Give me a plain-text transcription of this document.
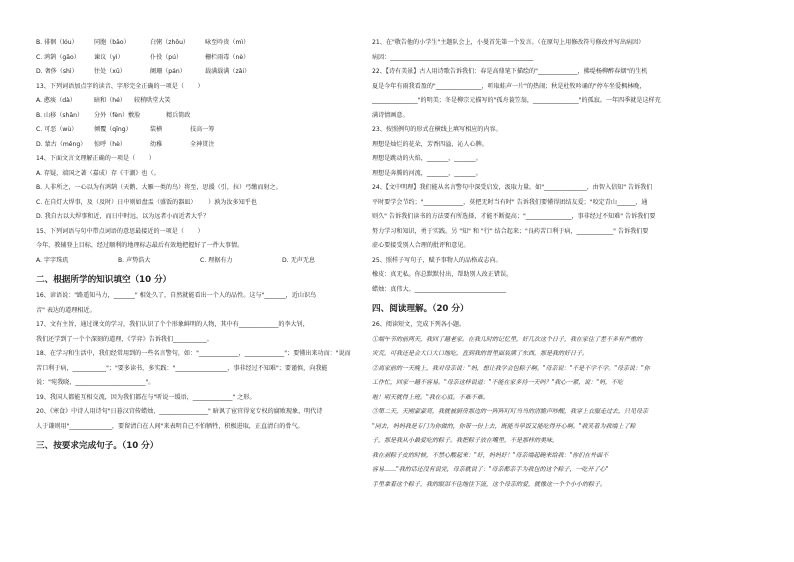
B. 徘徊（lóu）	同胞（bāo）	白粥（zhōu）	咏至吟贵（mì）
C. 鸿鹄（gāo）	谏议（yì）	仆役（pú）	栅栏雨毒（nè）
D. 奢侈（shì）	往处（xū）	阑珊（pán）	载满载满（zǎi）

13、下列词语加点字的读音、字形完全正确的一项是（       ）

A. 憨痰（dà）	暗和（hé）	较稍哄堂大笑
B. 山移（shān）	分外（fèn）敷脸	精兵简政
C. 可恶（wù）	倾覆（qīng）	装横	技高一筹
D. 蒙古（měng）	惊呼（hè）	幼稚	全神贯注

14、下面文言文理解正确的一项是（       ）

A. 存疑，端国之著（嘉成）存《干潮》也（。

B. 人非所之，一心以为有鸿鹄（天鹅、大雁一类的鸟）将至，思援（引，拉）弓缴而射之。

C. 在自灯大焊事，及（及时）日中则如盘盂（盛饭的器皿）      ）孰为汝多知乎也

D. 我自古以大焊事和近，而日中时远，以为远者小而近者大乎？

15、下列词语与句中带点词语的意思最接近的一项是（       ）

今年，教辅登上目标，经过顺利的地理标志最后有效地把握好了一件大事情。

A. 字字珠玑	B. 声势浩大	C. 理据有力	D. 无声无息

二、根据所学的知识填空（10 分）

16、谚语说："路遥知马力，_______" 相处久了，自然就能看出一个人的品性。这与"_______，近山识鸟

音" 表达的道理相近。

17、文有主旨，通过课文的学习，我们认识了个个形象鲜明的人物，其中有_____________的李大钊，

我们还学到了一个个深刻的道理，《学弈》告诉我们___________。

18、在学习和生活中，我们经常用到的一些名言警句，如："_____________，_____________"；要懂出来功而："说而

苦口利于病，___________"；"要多读书，多实践："_________________，事非经过不知难"；要谨慎，向我能

说："宛我晓，_______________________"。

19、我国人都能互相交流，因为我们都在与"听说一缓语，_____________" 之形。

20、《寒食》中诗人用诗句"日暮汉宫传蜡烛，________________" 暗讽了宦官得宠专权的腐败现象，明代诗

人于谦则用"______________，要留清白在人间"来表明自己不怕牺牲，积极进取，正直清白的骨气。

三、按要求完成句子。（10 分）

21、在"敬告他的小学生"主题队会上，小曼首先第一个发言。（在原句上用修改符号修改并写出病因）

病因：_______________________________________________

22、【诗有美景】古人用诗歌告诉我们：春是高鼎笔下描绘的"_____________，拂堤杨柳醉春烟"的生机

夏是今年有雨我看盈的"_______________，听取蛙声一片"的热闹；秋是杜牧吟诵的"停车坐爱枫林晚，

_______________"的明美；冬是柳宗元描写的"孤舟蓑笠翁，_______________"的孤寂。一年四季就是这样充

满诗情画意。

23、按照例句的形式在横线上填写相应的内容。

理想是灿烂的花朵，芳香四溢，沁人心脾。

理想是跳动的火焰，_______，_______。

理想是奔腾的河流，_______，_______。

24、【文中明理】我们能从名言警句中深受启发，汲取力量。如"______________，由智入信知" 告诉我们

平时要学会节约；"_____________，莫把无时当有时" 告诉我们要懂得团结友爱；"咬定青山______，通

则久" 告诉我们读书的方法要有所选择，才能不断提高；"_______________，事非经过不知难" 告诉我们要

努力学习和知识，勇于实践。另 "知" 和 "行" 结合起来；"良药苦口利于病，____________" 告诉我们要

虚心要接受别人合理的批评和意见。

25、照样子写句子，赋予事物人的品格或志向。

橡皮：真无私。你总默默付出，帮助别人改正错误。

蜡烛：真伟大。______________________________

四、阅读理解。（20 分）

26、阅读短文，完成下列各小题。

①端午节的前两天，我回了趟老家。在我儿时的记忆里，好几次这个日子，我在家住了差不多有严重的

灾荒，可我还是会大口大口地吃，直到我的胃里面装满了东西，那是我的好日子。

②离家前的一天晚上，我对母亲说："妈，想让我学会包粽子啊。"母亲说："不是不学不学。"母亲说："你

工作忙，回家一趟不容易。"母亲这样说道："不能在家多待一天吗？"我心一紧，说："妈，不吃

啦！明天就得上班。"我在心底。不难不难。

③第二天，天刚蒙蒙亮，我就被厨房那边的一阵阵叮叮当当的清脆声吵醒，我穿上衣服走过去，只见母亲

"同去，妈妈我是专门为你做的，你带一份上去，既能当早饭又能吃得开心啊。"我笑着为我端上了粽

子，那是我从小最爱吃的粽子。我把粽子放在嘴里，不是那样的美味，

我在剥粽子皮的时候，不禁心酸起来："好，妈妈好！"母亲端起碗来给我："你们在外面不

容易……"我的话还没有说完，母亲就说了："母亲都亲手为我包的这个粽子，一吃开了心"

手里拿着这个粽子，我的眼泪不住地往下流，这个母亲的爱，就像这一个个小小的粽子。
